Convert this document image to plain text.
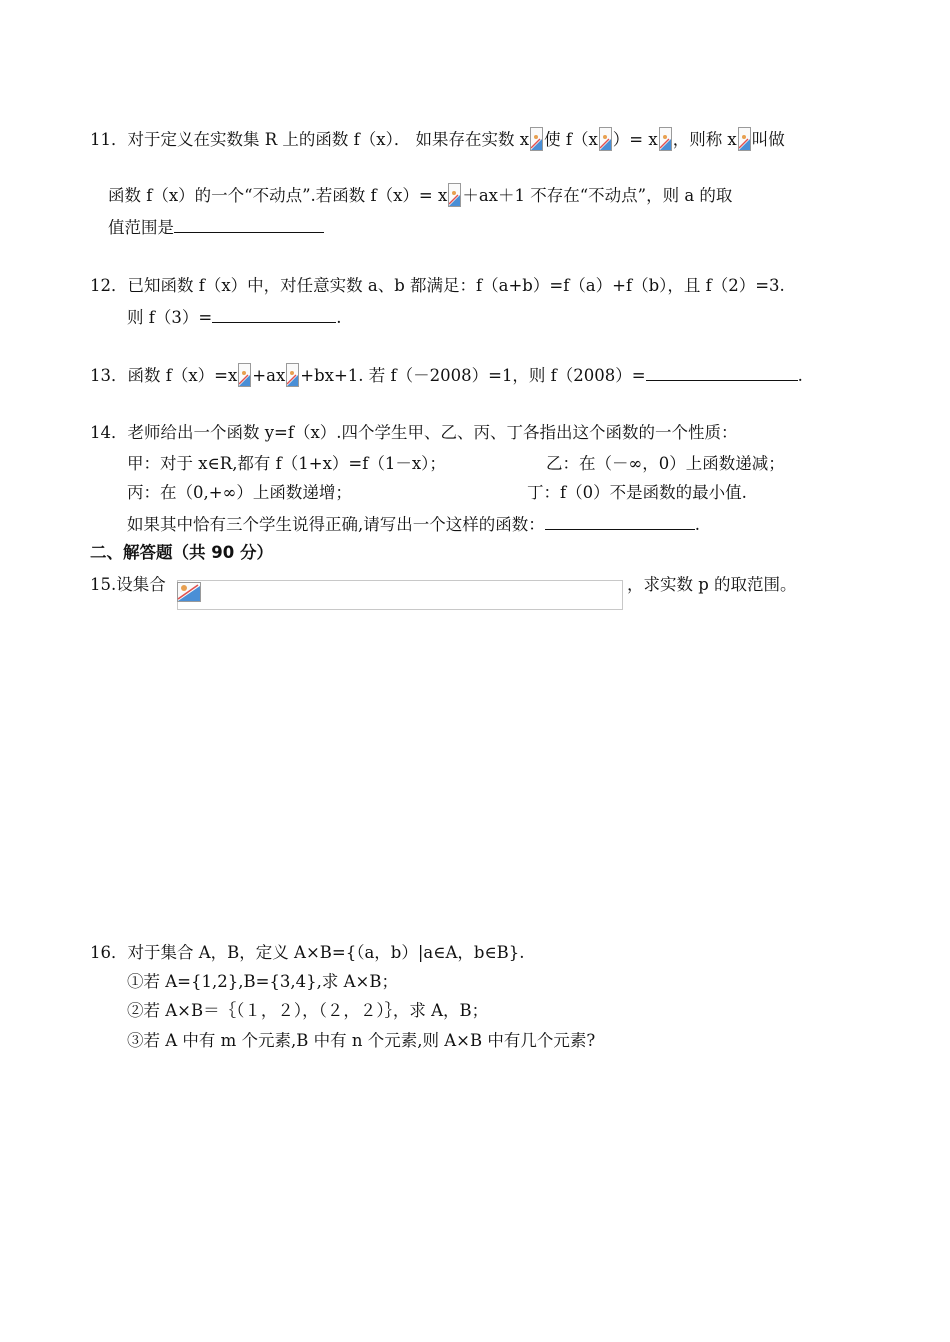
11．对于定义在实数集 R 上的函数 f（x）． 如果存在实数 x 使 f（x ）= x ，则称 x 叫做
函数 f（x）的一个“不动点”.若函数 f（x）= x ＋ax＋1 不存在“不动点”，则 a 的取
值范围是
12．已知函数 f（x）中，对任意实数 a、b 都满足：f（a+b）=f（a）+f（b），且 f（2）=3.
则 f（3）=	.
13．函数 f（x）=x +ax +bx+1. 若 f（－2008）=1，则 f（2008）=	.
14．老师给出一个函数 y=f（x）.四个学生甲、乙、丙、丁各指出这个函数的一个性质：
甲：对于 x∈R,都有 f（1+x）=f（1－x）；	乙：在（－∞，0）上函数递减；
丙：在（0,+∞）上函数递增；	丁：f（0）不是函数的最小值.
如果其中恰有三个学生说得正确,请写出一个这样的函数：	.
二、解答题（共 90 分）
15.设集合	，求实数 p 的取范围。
16．对于集合 A，B，定义 A×B={（a，b）|a∈A，b∈B}.
①若 A={1,2},B={3,4},求 A×B；
②若 A×B＝｛（１，２），（２，２）｝，求 A，B；
③若 A 中有 m 个元素,B 中有 n 个元素,则 A×B 中有几个元素?
